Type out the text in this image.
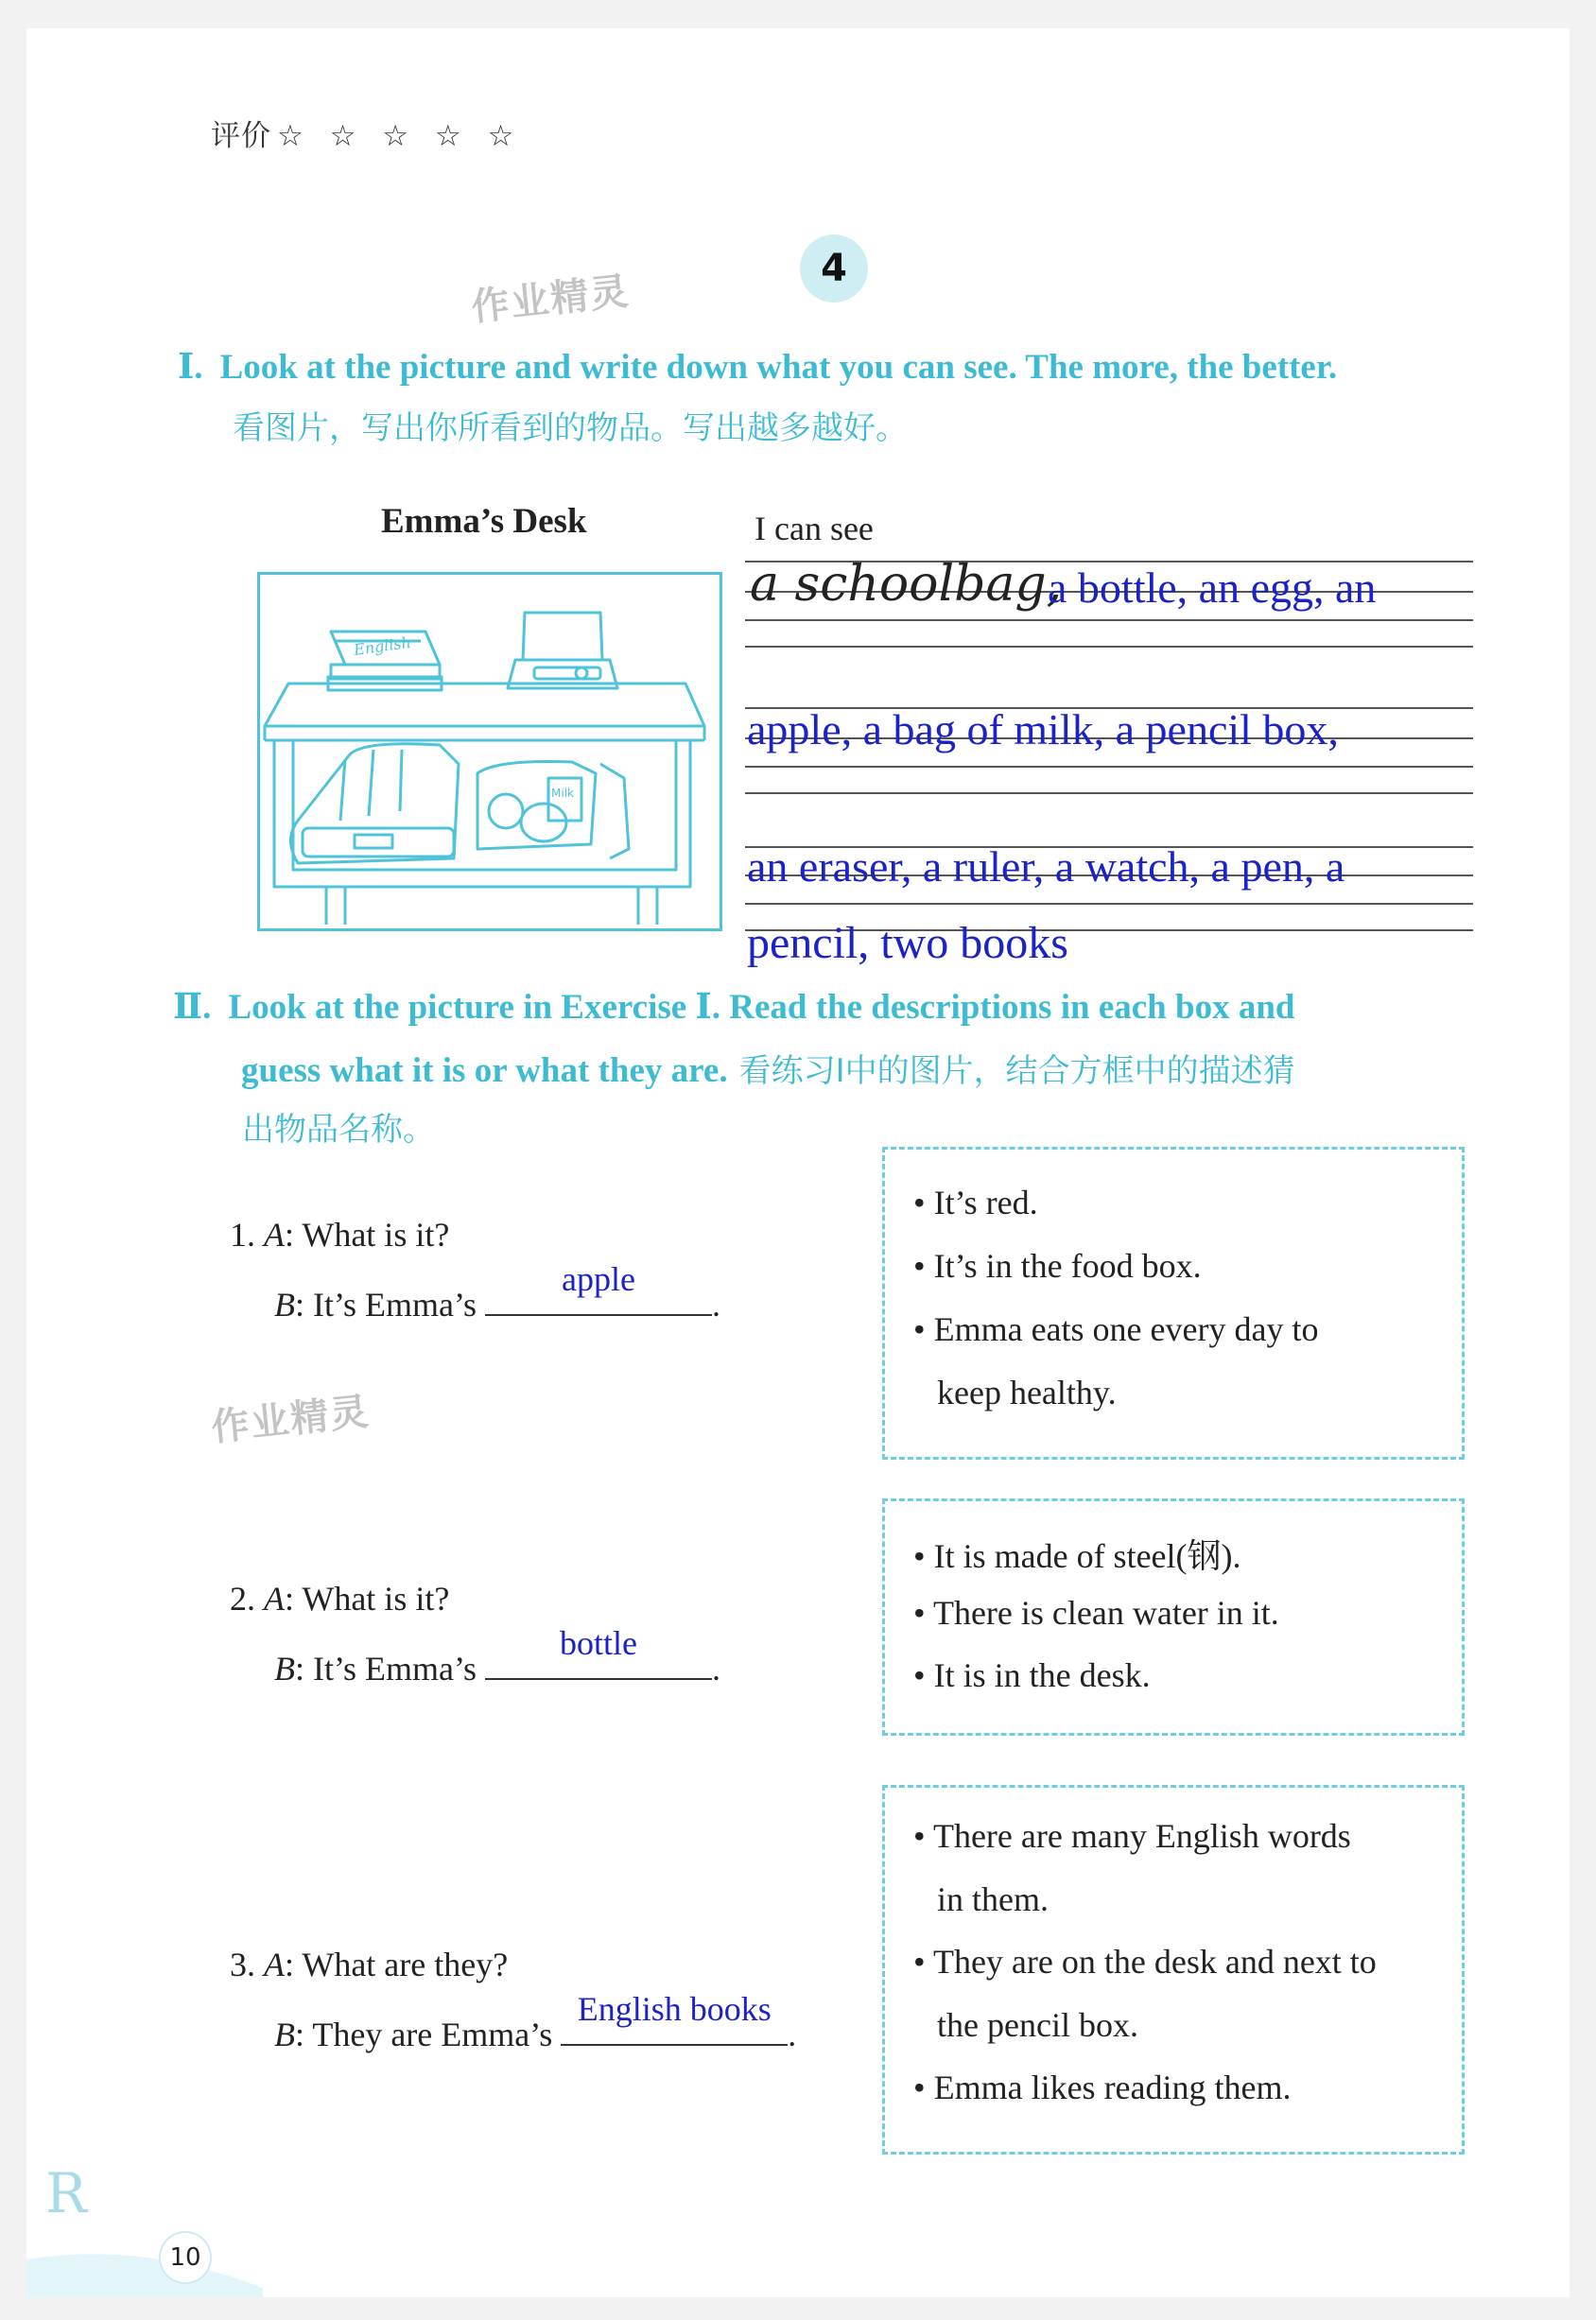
评价 ☆ ☆ ☆ ☆ ☆
4
作业精灵
作业精灵
Ⅰ. Look at the picture and write down what you can see. The more, the better.
看图片，写出你所看到的物品。写出越多越好。
Emma’s Desk
English
Milk
I can see
a schoolbag,
a bottle, an egg, an
apple, a bag of milk, a pencil box,
an eraser, a ruler, a watch, a pen, a
pencil, two books
Ⅱ. Look at the picture in Exercise Ⅰ. Read the descriptions in each box and
guess what it is or what they are. 看练习Ⅰ中的图片，结合方框中的描述猜
出物品名称。
1. A: What is it?
B: It’s Emma’s
apple
.
• It’s red.
• It’s in the food box.
• Emma eats one every day to
keep healthy.
2. A: What is it?
B: It’s Emma’s
bottle
.
• It is made of steel(钢).
• There is clean water in it.
• It is in the desk.
3. A: What are they?
B: They are Emma’s
English books
.
• There are many English words
in them.
• They are on the desk and next to
the pencil box.
• Emma likes reading them.
R
10
